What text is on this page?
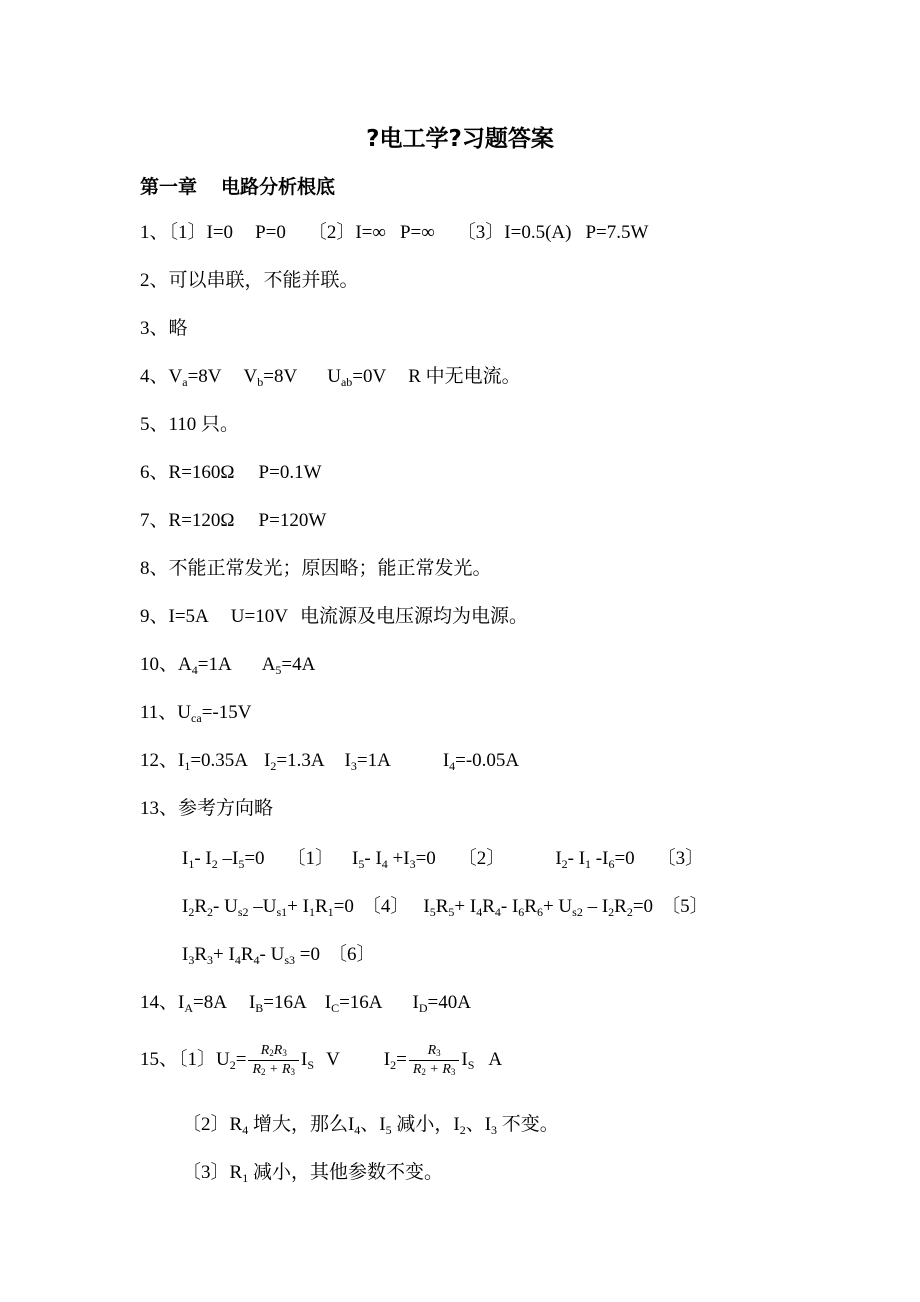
?电工学?习题答案
第一章 电路分析根底
1、〔1〕I=0 P=0 〔2〕I=∞ P=∞ 〔3〕I=0.5(A) P=7.5W
2、可以串联，不能并联。
3、略
4、$V_a=8V$ $V_b=8V$ $U_{ab}=0V$ R 中无电流。
5、110 只。
6、R=160Ω P=0.1W
7、R=120Ω P=120W
8、不能正常发光；原因略；能正常发光。
9、I=5A U=10V 电流源及电压源均为电源。
10、$A_4=1A$ $A_5=4A$
11、$U_{ca}=-15V$
12、$I_1=0.35A$ $I_2=1.3A$ $I_3=1A$	$I_4=-0.05A$
13、参考方向略
$I_1-$ $I_2$ $-I_5=0$ 〔1〕 $I_5-$ $I_4 +I_3=0$ 〔2〕	$I_2-$ $I_1$ $-I_6=0$ 〔3〕
$I_2R_2-$ $U_{s2}$ $-U_{s1}+ I_1R_1=0$ 〔4〕 $I_5R_5+ I_4R_4-$ $I_6R_6+ U_{s2} - I_2R_2=0$ 〔5〕
$I_3R_3+ I_4R_4-$ $U_{s3} =0$ 〔6〕
14、$I_A=8A$ $I_B=16A$ $I_C=16A$ $I_D=40A$
15、〔1〕$U_2= \frac{R_2R_3}{R_2 + R_3} I_S$ V $I_2= \frac{R_3}{R_2 + R_3} I_S$ A
〔2〕$R_4$ 增大，那么$I_4$、$I_5$ 减小，$I_2$、$I_3$ 不变。
〔3〕$R_1$ 减小，其他参数不变。
